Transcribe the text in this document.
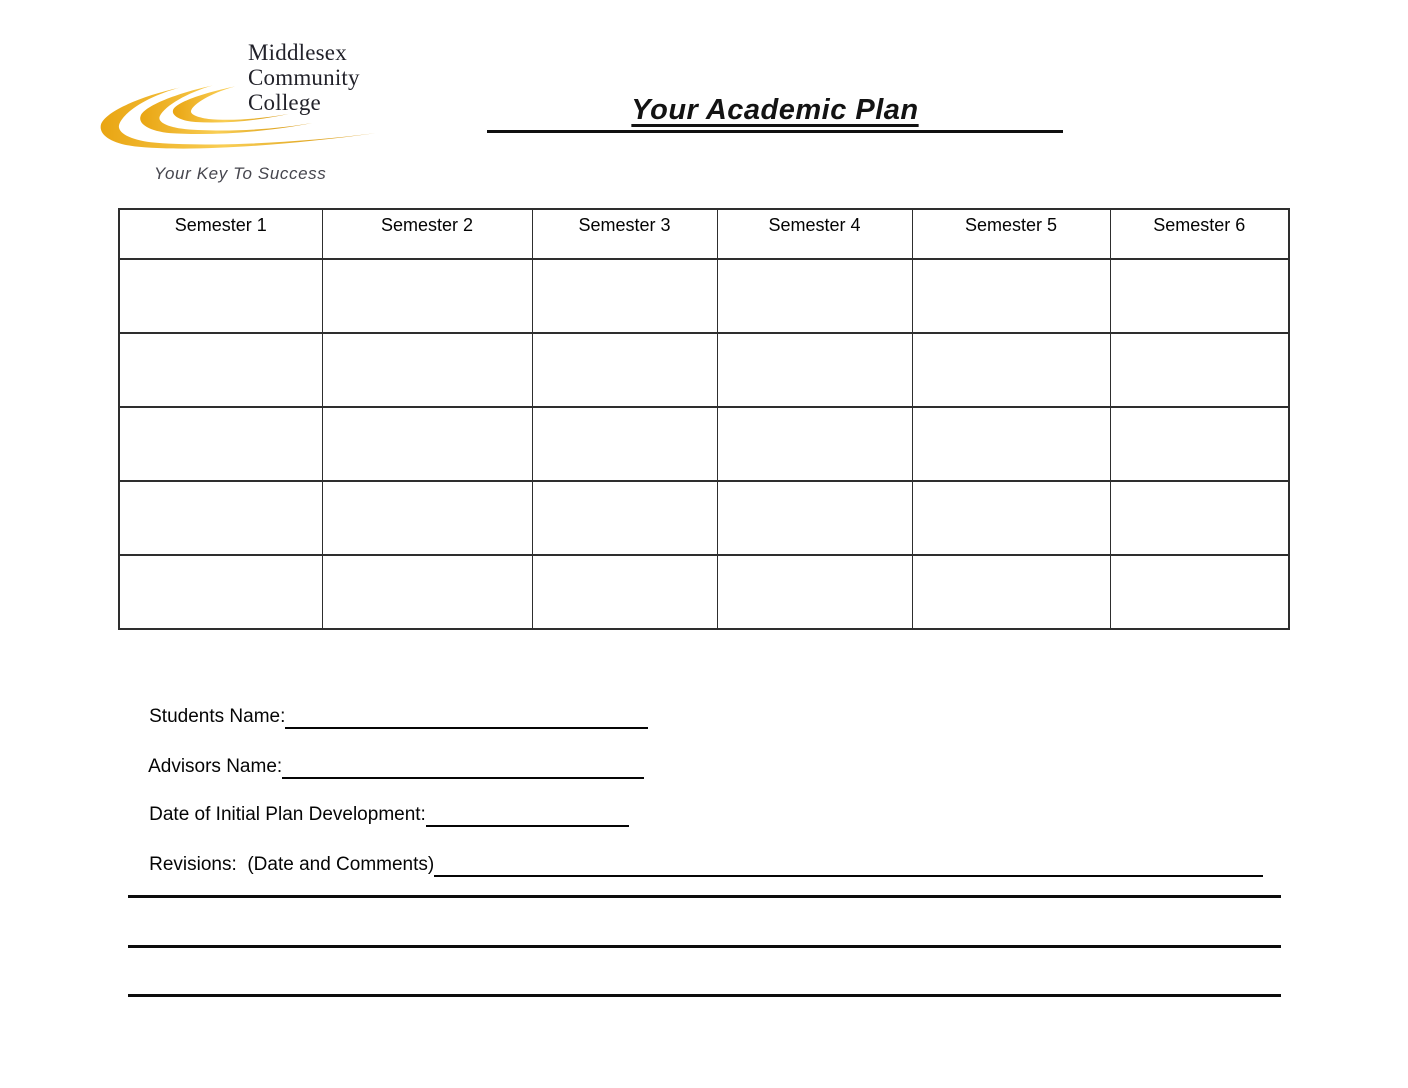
Middlesex
Community
College
Your Key To Success
Your Academic Plan
Semester 1	Semester 2	Semester 3	Semester 4	Semester 5	Semester 6

Students Name:

Advisors Name:

Date of Initial Plan Development:

Revisions:  (Date and Comments)
